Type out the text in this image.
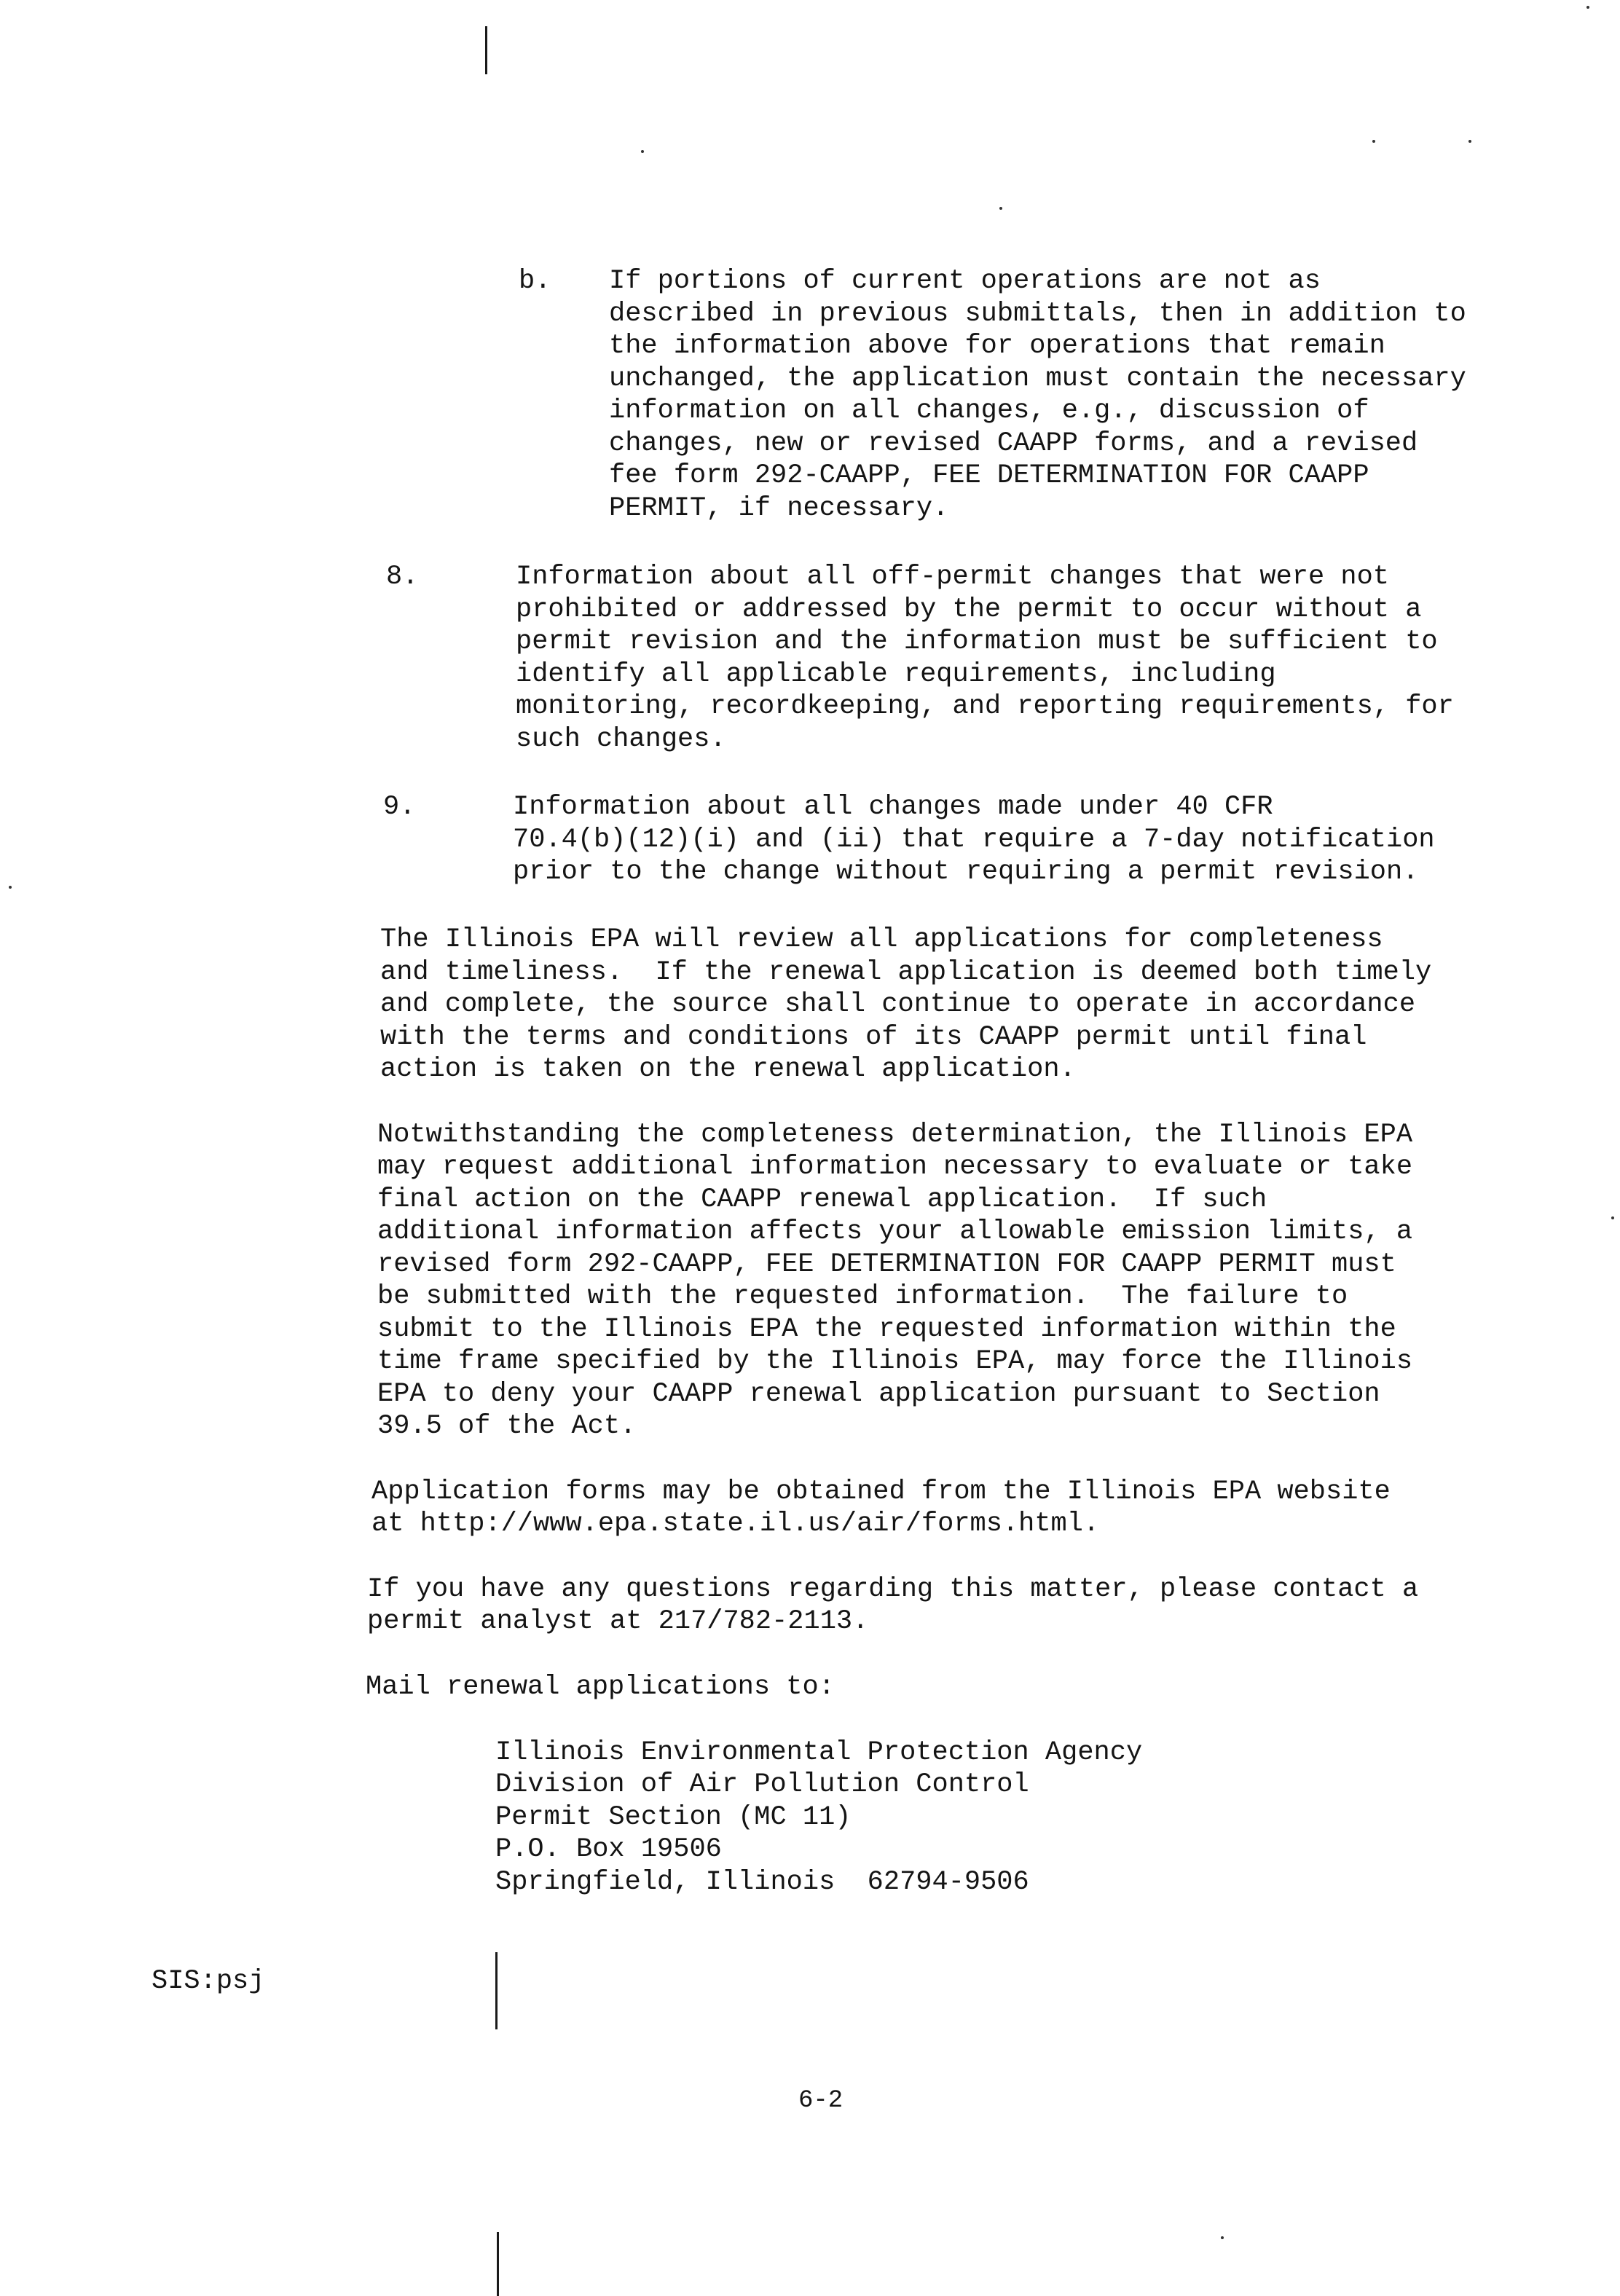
b. If portions of current operations are not as
described in previous submittals, then in addition to
the information above for operations that remain
unchanged, the application must contain the necessary
information on all changes, e.g., discussion of
changes, new or revised CAAPP forms, and a revised
fee form 292-CAAPP, FEE DETERMINATION FOR CAAPP
PERMIT, if necessary.
8.	Information about all off-permit changes that were not
prohibited or addressed by the permit to occur without a
permit revision and the information must be sufficient to
identify all applicable requirements, including
monitoring, recordkeeping, and reporting requirements, for
such changes.
9.	Information about all changes made under 40 CFR
70.4(b)(12)(i) and (ii) that require a 7-day notification
prior to the change without requiring a permit revision.
The Illinois EPA will review all applications for completeness
and timeliness.  If the renewal application is deemed both timely
and complete, the source shall continue to operate in accordance
with the terms and conditions of its CAAPP permit until final
action is taken on the renewal application.
Notwithstanding the completeness determination, the Illinois EPA
may request additional information necessary to evaluate or take
final action on the CAAPP renewal application.  If such
additional information affects your allowable emission limits, a
revised form 292-CAAPP, FEE DETERMINATION FOR CAAPP PERMIT must
be submitted with the requested information.  The failure to
submit to the Illinois EPA the requested information within the
time frame specified by the Illinois EPA, may force the Illinois
EPA to deny your CAAPP renewal application pursuant to Section
39.5 of the Act.
Application forms may be obtained from the Illinois EPA website
at http://www.epa.state.il.us/air/forms.html.
If you have any questions regarding this matter, please contact a
permit analyst at 217/782-2113.
Mail renewal applications to:
Illinois Environmental Protection Agency
Division of Air Pollution Control
Permit Section (MC 11)
P.O. Box 19506
Springfield, Illinois  62794-9506
SIS:psj
6-2
